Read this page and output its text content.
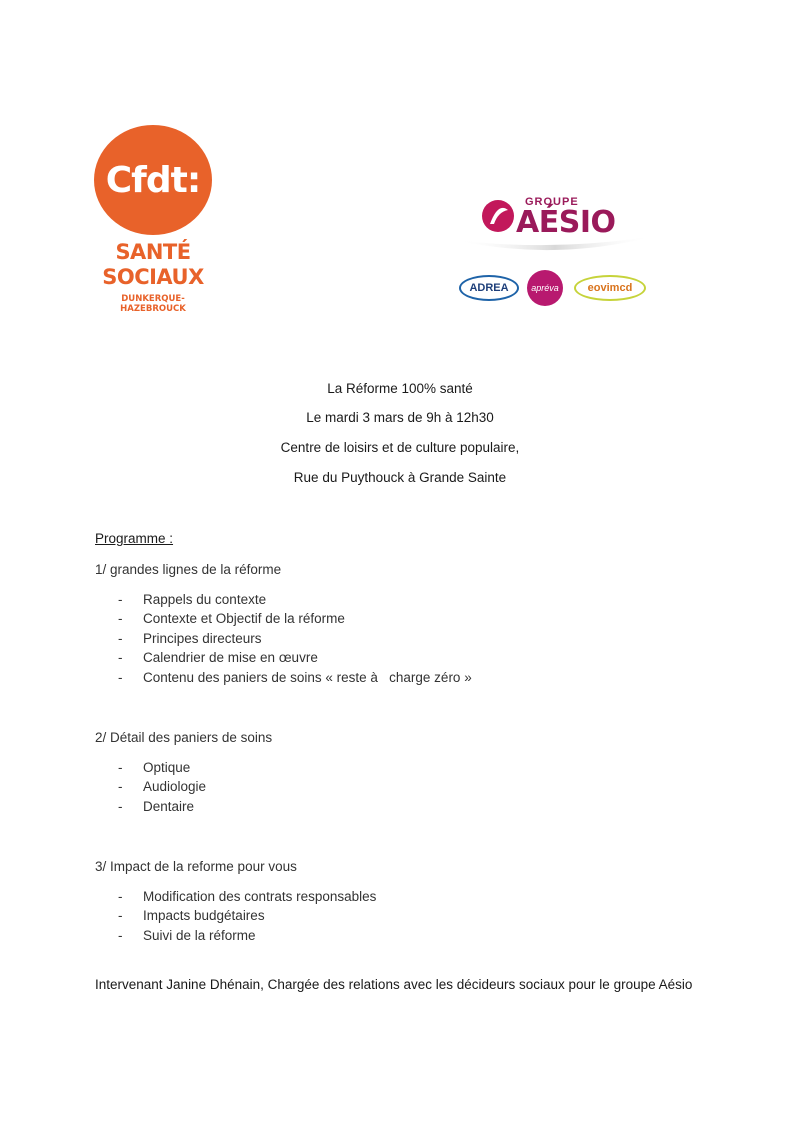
Cfdt:
SANTÉ
SOCIAUX
DUNKERQUE-HAZEBROUCK
GROUPE
AÉSIO
ADREA	apréva	eovimcd
La Réforme 100% santé
Le mardi 3 mars de 9h à 12h30
Centre de loisirs et de culture populaire,
Rue du Puythouck à Grande Sainte
Programme :
1/ grandes lignes de la réforme
- Rappels du contexte
- Contexte et Objectif de la réforme
- Principes directeurs
- Calendrier de mise en œuvre
- Contenu des paniers de soins « reste à   charge zéro »
2/ Détail des paniers de soins
- Optique
- Audiologie
- Dentaire
3/ Impact de la reforme pour vous
- Modification des contrats responsables
- Impacts budgétaires
- Suivi de la réforme
Intervenant Janine Dhénain, Chargée des relations avec les décideurs sociaux pour le groupe Aésio
